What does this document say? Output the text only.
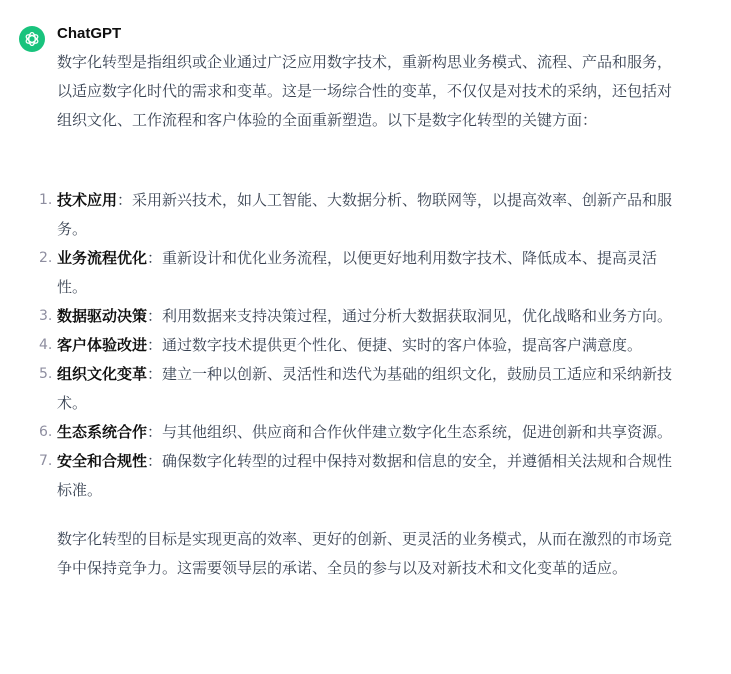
ChatGPT

数字化转型是指组织或企业通过广泛应用数字技术，重新构思业务模式、流程、产品和服务，以适应数字化时代的需求和变革。这是一场综合性的变革，不仅仅是对技术的采纳，还包括对组织文化、工作流程和客户体验的全面重新塑造。以下是数字化转型的关键方面：

1. 技术应用：采用新兴技术，如人工智能、大数据分析、物联网等，以提高效率、创新产品和服务。
2. 业务流程优化：重新设计和优化业务流程，以便更好地利用数字技术、降低成本、提高灵活性。
3. 数据驱动决策：利用数据来支持决策过程，通过分析大数据获取洞见，优化战略和业务方向。
4. 客户体验改进：通过数字技术提供更个性化、便捷、实时的客户体验，提高客户满意度。
5. 组织文化变革：建立一种以创新、灵活性和迭代为基础的组织文化，鼓励员工适应和采纳新技术。
6. 生态系统合作：与其他组织、供应商和合作伙伴建立数字化生态系统，促进创新和共享资源。
7. 安全和合规性：确保数字化转型的过程中保持对数据和信息的安全，并遵循相关法规和合规性标准。

数字化转型的目标是实现更高的效率、更好的创新、更灵活的业务模式，从而在激烈的市场竞争中保持竞争力。这需要领导层的承诺、全员的参与以及对新技术和文化变革的适应。
